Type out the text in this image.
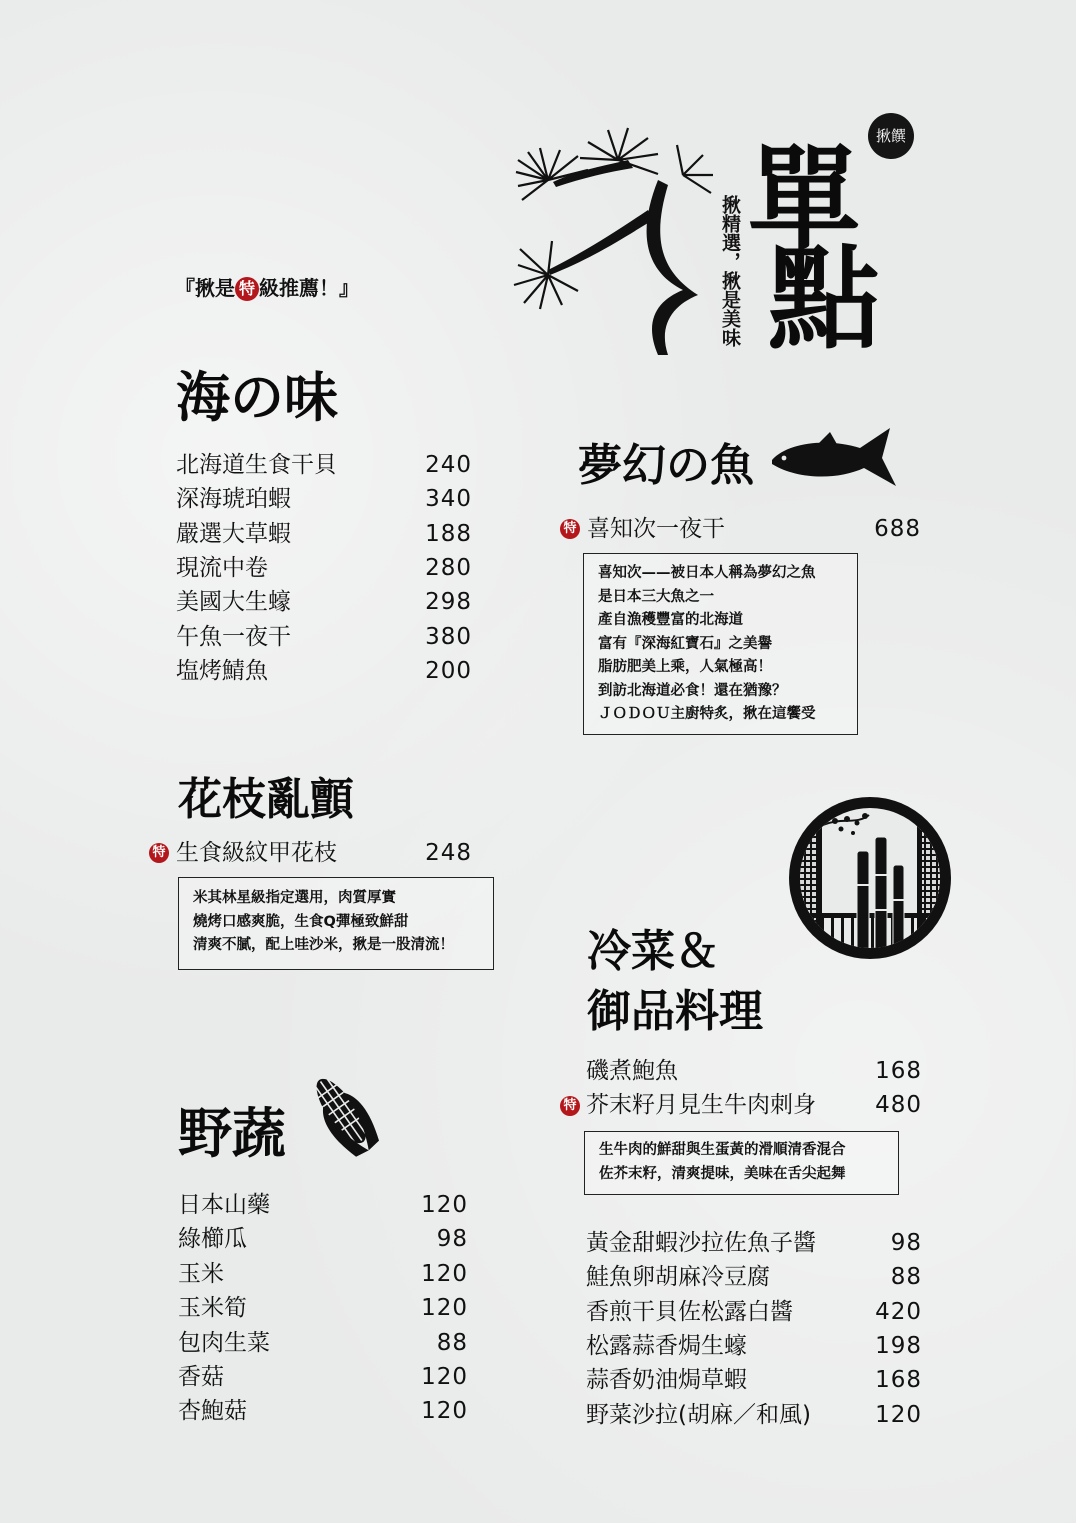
揪饌
揪精選，揪是美味
單
點
『揪是 特 級推薦！』
海の味
北海道生食干貝	240
深海琥珀蝦	340
嚴選大草蝦	188
現流中卷	280
美國大生蠔	298
午魚一夜干	380
塩烤鯖魚	200
花枝亂顫
特 生食級紋甲花枝	248
米其林星級指定選用，肉質厚實
燒烤口感爽脆，生食Q彈極致鮮甜
清爽不膩，配上哇沙米，揪是一股清流！
野蔬
日本山藥	120
綠櫛瓜	98
玉米	120
玉米筍	120
包肉生菜	88
香菇	120
杏鮑菇	120
夢幻の魚
特 喜知次一夜干	688
喜知次——被日本人稱為夢幻之魚
是日本三大魚之一
產自漁穫豐富的北海道
富有『深海紅寶石』之美譽
脂肪肥美上乘，人氣極高！
到訪北海道必食！還在猶豫？
ＪＯＤＯＵ主廚特炙，揪在這饗受
冷菜＆
御品料理
磯煮鮑魚	168
特 芥末籽月見生牛肉刺身	480
生牛肉的鮮甜與生蛋黃的滑順清香混合
佐芥末籽，清爽提味，美味在舌尖起舞
黃金甜蝦沙拉佐魚子醬	98
鮭魚卵胡麻冷豆腐	88
香煎干貝佐松露白醬	420
松露蒜香焗生蠔	198
蒜香奶油焗草蝦	168
野菜沙拉(胡麻／和風)	120
